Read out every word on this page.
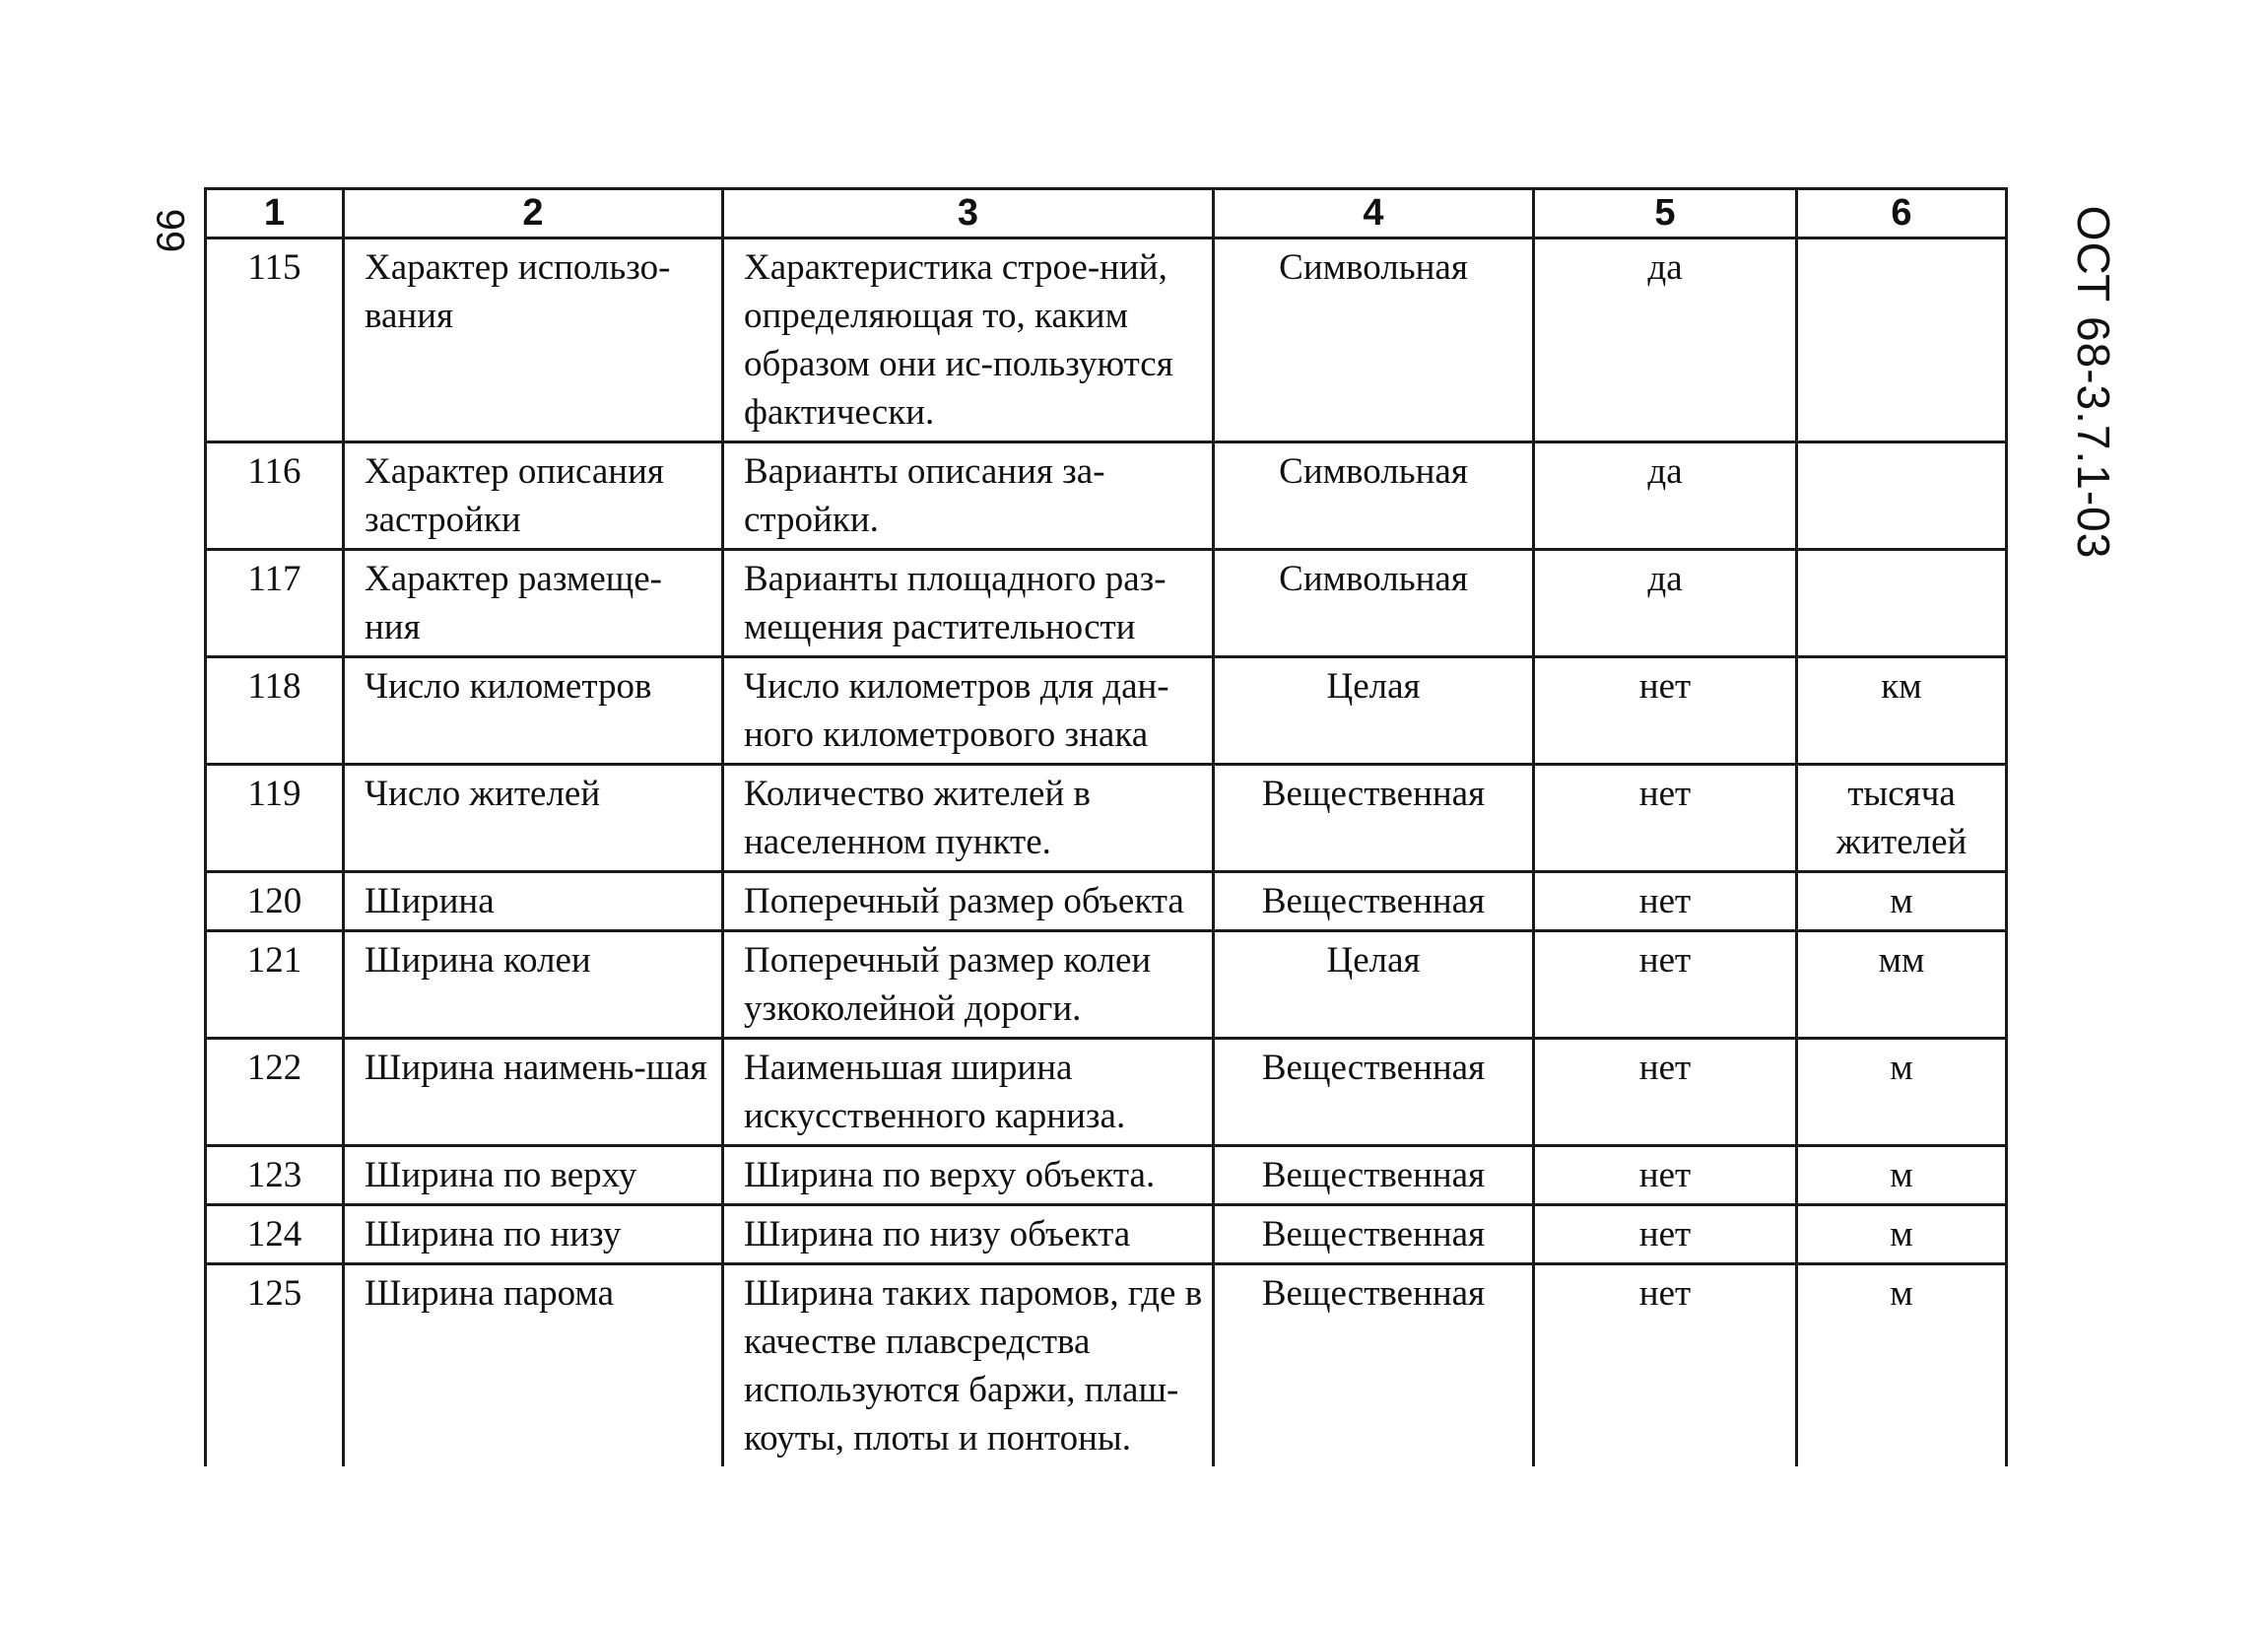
99	ОСТ 68-3.7.1-03
1	2	3	4	5	6
115	Характер использо-вания	Характеристика строе-ний, определяющая то, каким образом они ис-пользуются фактически.	Символьная	да	
116	Характер описания застройки	Варианты описания за-стройки.	Символьная	да	
117	Характер размеще-ния	Варианты площадного раз-мещения растительности	Символьная	да	
118	Число километров	Число километров для дан-ного километрового знака	Целая	нет	км
119	Число жителей	Количество жителей в населенном пункте.	Вещественная	нет	тысяча жителей
120	Ширина	Поперечный размер объекта	Вещественная	нет	м
121	Ширина колеи	Поперечный размер колеи узкоколейной дороги.	Целая	нет	мм
122	Ширина наимень-шая	Наименьшая ширина искусственного карниза.	Вещественная	нет	м
123	Ширина по верху	Ширина по верху объекта.	Вещественная	нет	м
124	Ширина по низу	Ширина по низу объекта	Вещественная	нет	м
125	Ширина парома	Ширина таких паромов, где в качестве плавсредства используются баржи, плаш-коуты, плоты и понтоны.	Вещественная	нет	м
